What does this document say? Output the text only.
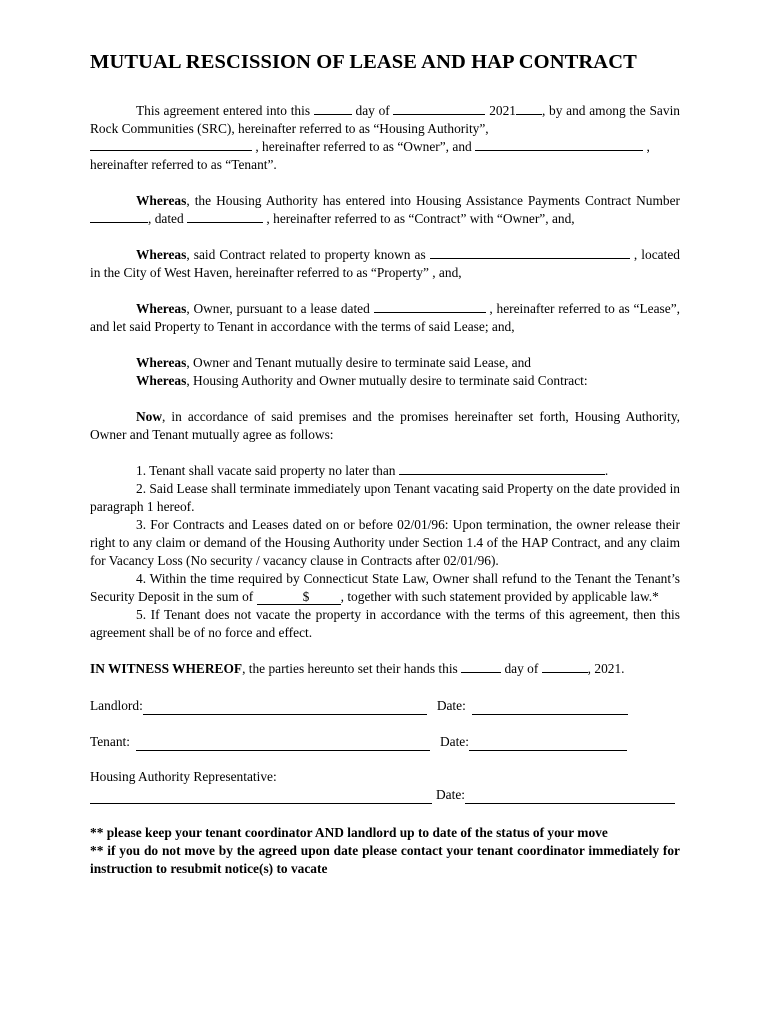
MUTUAL RESCISSION OF LEASE AND HAP CONTRACT

This agreement entered into this	day of	2021 , by and among the Savin Rock Communities (SRC), hereinafter referred to as “Housing Authority”,

, hereinafter referred to as “Owner”, and	,

hereinafter referred to as “Tenant”.

Whereas, the Housing Authority has entered into Housing Assistance Payments Contract Number, dated	, hereinafter referred to as “Contract” with “Owner”, and,

Whereas, said Contract related to property known as	, located in the City of West Haven, hereinafter referred to as “Property” , and,

Whereas, Owner, pursuant to a lease dated	, hereinafter referred to as “Lease”, and let said Property to Tenant in accordance with the terms of said Lease; and,

Whereas, Owner and Tenant mutually desire to terminate said Lease, and

Whereas, Housing Authority and Owner mutually desire to terminate said Contract:

Now, in accordance of said premises and the promises hereinafter set forth, Housing Authority, Owner and Tenant mutually agree as follows:

1. Tenant shall vacate said property no later than	.

2. Said Lease shall terminate immediately upon Tenant vacating said Property on the date provided in paragraph 1 hereof.

3. For Contracts and Leases dated on or before 02/01/96: Upon termination, the owner release their right to any claim or demand of the Housing Authority under Section 1.4 of the HAP Contract, and any claim for Vacancy Loss (No security / vacancy clause in Contracts after 02/01/96).

4. Within the time required by Connecticut State Law, Owner shall refund to the Tenant the Tenant’s Security Deposit in the sum of	$ , together with such statement provided by applicable law.*

5. If Tenant does not vacate the property in accordance with the terms of this agreement, then this agreement shall be of no force and effect.

IN WITNESS WHEREOF, the parties hereunto set their hands this	day of	, 2021.

Landlord:	Date:
Tenant:	Date:

Housing Authority Representative:

Date:

** please keep your tenant coordinator AND landlord up to date of the status of your move

** if you do not move by the agreed upon date please contact your tenant coordinator immediately for instruction to resubmit notice(s) to vacate
